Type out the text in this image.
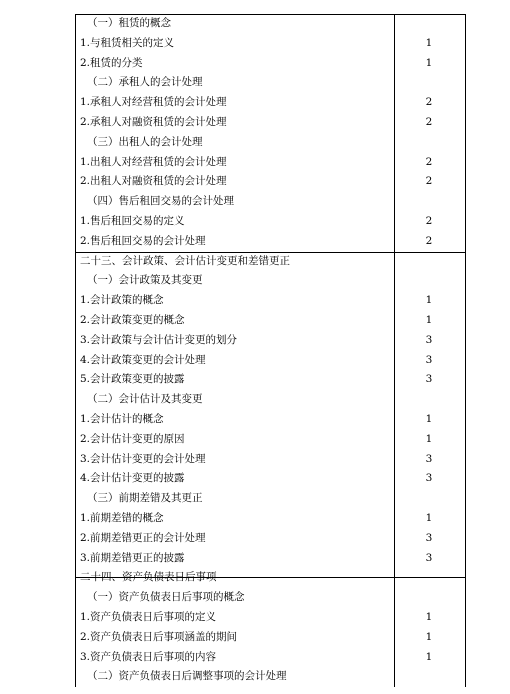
（一）租赁的概念
1.与租赁相关的定义	1
2.租赁的分类	1
（二）承租人的会计处理
1.承租人对经营租赁的会计处理	2
2.承租人对融资租赁的会计处理	2
（三）出租人的会计处理
1.出租人对经营租赁的会计处理	2
2.出租人对融资租赁的会计处理	2
（四）售后租回交易的会计处理
1.售后租回交易的定义	2
2.售后租回交易的会计处理	2
二十三、会计政策、会计估计变更和差错更正
（一）会计政策及其变更
1.会计政策的概念	1
2.会计政策变更的概念	1
3.会计政策与会计估计变更的划分	3
4.会计政策变更的会计处理	3
5.会计政策变更的披露	3
（二）会计估计及其变更
1.会计估计的概念	1
2.会计估计变更的原因	1
3.会计估计变更的会计处理	3
4.会计估计变更的披露	3
（三）前期差错及其更正
1.前期差错的概念	1
2.前期差错更正的会计处理	3
3.前期差错更正的披露	3
二十四、资产负债表日后事项
（一）资产负债表日后事项的概念
1.资产负债表日后事项的定义	1
2.资产负债表日后事项涵盖的期间	1
3.资产负债表日后事项的内容	1
（二）资产负债表日后调整事项的会计处理
